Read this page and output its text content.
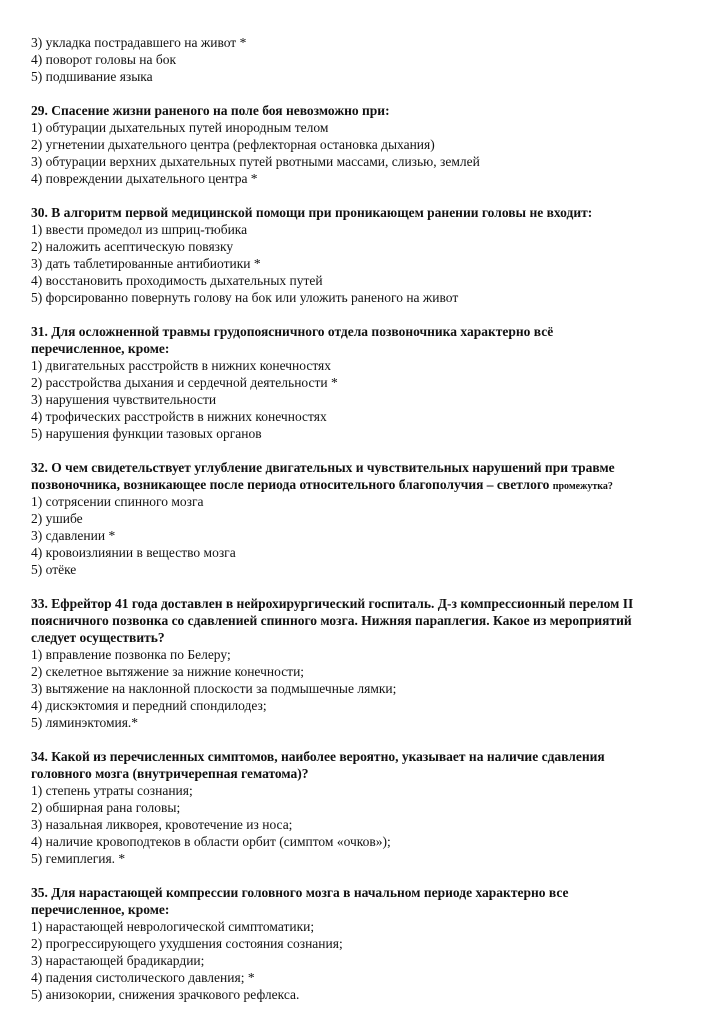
3) укладка пострадавшего на живот *
4) поворот головы на бок
5) подшивание языка
29. Спасение жизни раненого на поле боя невозможно при:
1) обтурации дыхательных путей инородным телом
2) угнетении дыхательного центра (рефлекторная остановка дыхания)
3) обтурации верхних дыхательных путей рвотными массами, слизью, землей
4) повреждении дыхательного центра *
30. В алгоритм первой медицинской помощи при проникающем ранении головы не входит:
1) ввести промедол из шприц-тюбика
2) наложить асептическую повязку
3) дать таблетированные антибиотики *
4) восстановить проходимость дыхательных путей
5) форсированно повернуть голову на бок или уложить раненого на живот
31. Для осложненной травмы грудопоясничного отдела позвоночника характерно всё
перечисленное, кроме:
1) двигательных расстройств в нижних конечностях
2) расстройства дыхания и сердечной деятельности *
3) нарушения чувствительности
4) трофических расстройств в нижних конечностях
5) нарушения функции тазовых органов
32. О чем свидетельствует углубление двигательных и чувствительных нарушений при травме
позвоночника, возникающее после периода относительного благополучия – светлого промежутка?
1) сотрясении спинного мозга
2) ушибе
3) сдавлении *
4) кровоизлиянии в вещество мозга
5) отёке
33. Ефрейтор 41 года доставлен в нейрохирургический госпиталь. Д-з компрессионный перелом II
поясничного позвонка со сдавленией спинного мозга. Нижняя параплегия. Какое из мероприятий
следует осуществить?
1) вправление позвонка по Белеру;
2) скелетное вытяжение за нижние конечности;
3) вытяжение на наклонной плоскости за подмышечные лямки;
4) дискэктомия и передний спондилодез;
5) ляминэктомия.*
34. Какой из перечисленных симптомов, наиболее вероятно, указывает на наличие сдавления
головного мозга (внутричерепная гематома)?
1) степень утраты сознания;
2) обширная рана головы;
3) назальная ликворея, кровотечение из носа;
4) наличие кровоподтеков в области орбит (симптом «очков»);
5) гемиплегия. *
35. Для нарастающей компрессии головного мозга в начальном периоде характерно все
перечисленное, кроме:
1) нарастающей неврологической симптоматики;
2) прогрессирующего ухудшения состояния сознания;
3) нарастающей брадикардии;
4) падения систолического давления; *
5) анизокории, снижения зрачкового рефлекса.
